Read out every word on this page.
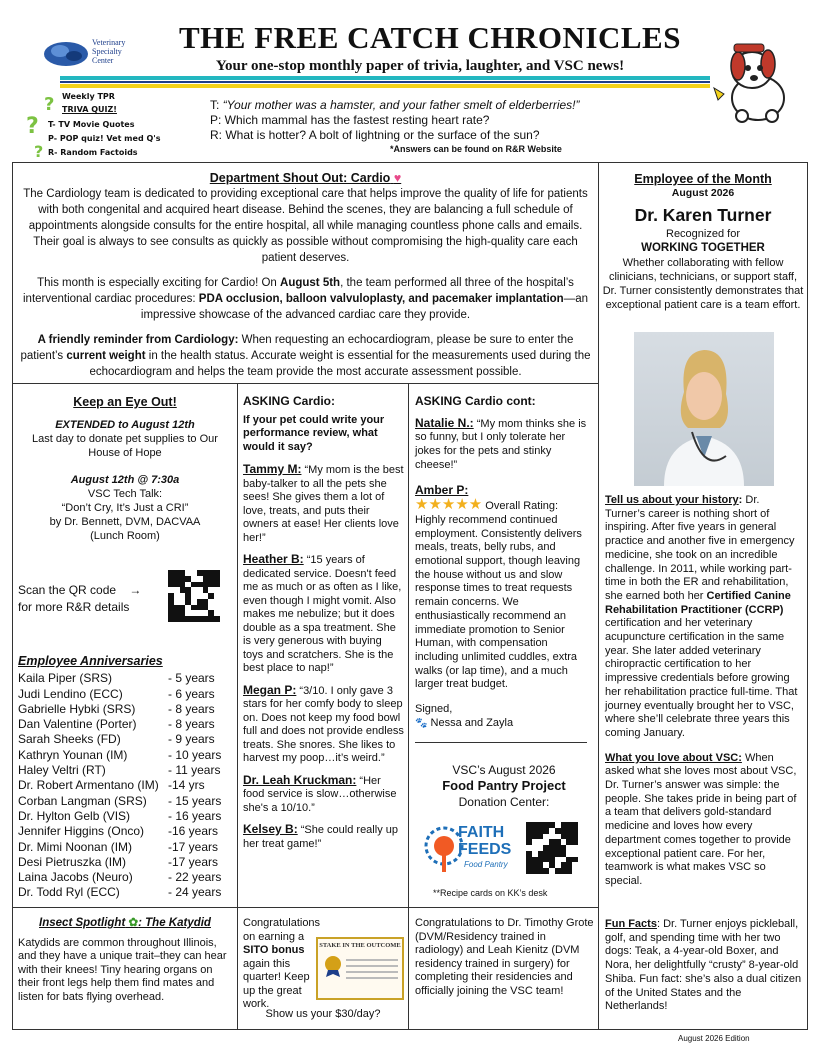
Veterinary
Specialty
Center
THE FREE CATCH CHRONICLES
Your one-stop monthly paper of trivia, laughter, and VSC news!
?
?
?
Weekly TPR
TRIVA QUIZ!
T- TV Movie Quotes
P- POP quiz! Vet med Q's
R- Random Factoids
T: “Your mother was a hamster, and your father smelt of elderberries!”
P: Which mammal has the fastest resting heart rate?
R: What is hotter? A bolt of lightning or the surface of the sun?
*Answers can be found on R&R Website
Department Shout Out: Cardio ♥

The Cardiology team is dedicated to providing exceptional care that helps improve the quality of life for patients with both congenital and acquired heart disease. Behind the scenes, they are balancing a full schedule of appointments alongside consults for the entire hospital, all while managing countless phone calls and emails. Their goal is always to see consults as quickly as possible without compromising the high-quality care each patient deserves.

This month is especially exciting for Cardio! On August 5th, the team performed all three of the hospital’s interventional cardiac procedures: PDA occlusion, balloon valvuloplasty, and pacemaker implantation—an impressive showcase of the advanced cardiac care they provide.

A friendly reminder from Cardiology: When requesting an echocardiogram, please be sure to enter the patient’s current weight in the health status. Accurate weight is essential for the measurements used during the echocardiogram and helps the team provide the most accurate assessment possible.

Employee of the Month
August 2026
Dr. Karen Turner
Recognized for
WORKING TOGETHER
Whether collaborating with fellow clinicians, technicians, or support staff, Dr. Turner consistently demonstrates that exceptional patient care is a team effort.

Tell us about your history: Dr. Turner’s career is nothing short of inspiring. After five years in general practice and another five in emergency medicine, she took on an incredible challenge. In 2011, while working part-time in both the ER and rehabilitation, she earned both her Certified Canine Rehabilitation Practitioner (CCRP) certification and her veterinary acupuncture certification in the same year. She later added veterinary chiropractic certification to her impressive credentials before growing her rehabilitation practice full-time. That journey eventually brought her to VSC, where she’ll celebrate three years this coming January.

What you love about VSC: When asked what she loves most about VSC, Dr. Turner’s answer was simple: the people. She takes pride in being part of a team that delivers gold-standard medicine and loves how every department comes together to provide exceptional patient care. For her, teamwork is what makes VSC so special.

Fun Facts: Dr. Turner enjoys pickleball, golf, and spending time with her two dogs: Teak, a 4-year-old Boxer, and Nora, her delightfully “crusty” 8-year-old Shiba. Fun fact: she’s also a dual citizen of the United States and the Netherlands!

Keep an Eye Out!
EXTENDED to August 12th
Last day to donate pet supplies to Our House of Hope
August 12th @ 7:30a
VSC Tech Talk:
“Don’t Cry, It’s Just a CRI”
by Dr. Bennett, DVM, DACVAA
(Lunch Room)
Scan the QR code →
for more R&R details
Employee Anniversaries
Kaila Piper (SRS)	- 5 years
Judi Lendino (ECC)	- 6 years
Gabrielle Hybki (SRS)	- 8 years
Dan Valentine (Porter)	- 8 years
Sarah Sheeks (FD)	- 9 years
Kathryn Younan (IM)	- 10 years
Haley Veltri (RT)	- 11 years
Dr. Robert Armentano (IM) -14 yrs
Corban Langman (SRS) - 15 years
Dr. Hylton Gelb (VIS)	- 16 years
Jennifer Higgins (Onco) -16 years
Dr. Mimi Noonan (IM)	-17 years
Desi Pietruszka (IM)	-17 years
Laina Jacobs (Neuro)	- 22 years
Dr. Todd Ryl (ECC)	- 24 years
ASKING Cardio:
If your pet could write your performance review, what would it say?

Tammy M: “My mom is the best baby-talker to all the pets she sees! She gives them a lot of love, treats, and puts their owners at ease! Her clients love her!”

Heather B: “15 years of dedicated service. Doesn't feed me as much or as often as I like, even though I might vomit. Also makes me nebulize; but it does double as a spa treatment. She is very generous with buying toys and scratchers. She is the best place to nap!”

Megan P: “3/10. I only gave 3 stars for her comfy body to sleep on. Does not keep my food bowl full and does not provide endless treats. She snores. She likes to harvest my poop…it’s weird.”

Dr. Leah Kruckman: “Her food service is slow…otherwise she's a 10/10.”

Kelsey B: “She could really up her treat game!”

ASKING Cardio cont:

Natalie N.: “My mom thinks she is so funny, but I only tolerate her jokes for the pets and stinky cheese!”

Amber P:
★★★★★ Overall Rating:
Highly recommend continued employment. Consistently delivers meals, treats, belly rubs, and emotional support, though leaving the house without us and slow response times to treat requests remain concerns. We enthusiastically recommend an immediate promotion to Senior Human, with compensation including unlimited cuddles, extra walks (or lap time), and a much larger treat budget.

Signed,

🐾 Nessa and Zayla

VSC’s August 2026
Food Pantry Project
Donation Center:
FAITH
FEEDS
Food Pantry
**Recipe cards on KK’s desk
Insect Spotlight ✿: The Katydid

Katydids are common throughout Illinois, and they have a unique trait–they can hear with their knees! Tiny hearing organs on their front legs help them find mates and listen for bats flying overhead.

Congratulations on earning a SITO bonus again this quarter! Keep up the great work.
STAKE IN THE OUTCOME
Show us your $30/day?
Congratulations to Dr. Timothy Grote (DVM/Residency trained in radiology) and Leah Kienitz (DVM residency trained in surgery) for completing their residencies and officially joining the VSC team!
August 2026 Edition
